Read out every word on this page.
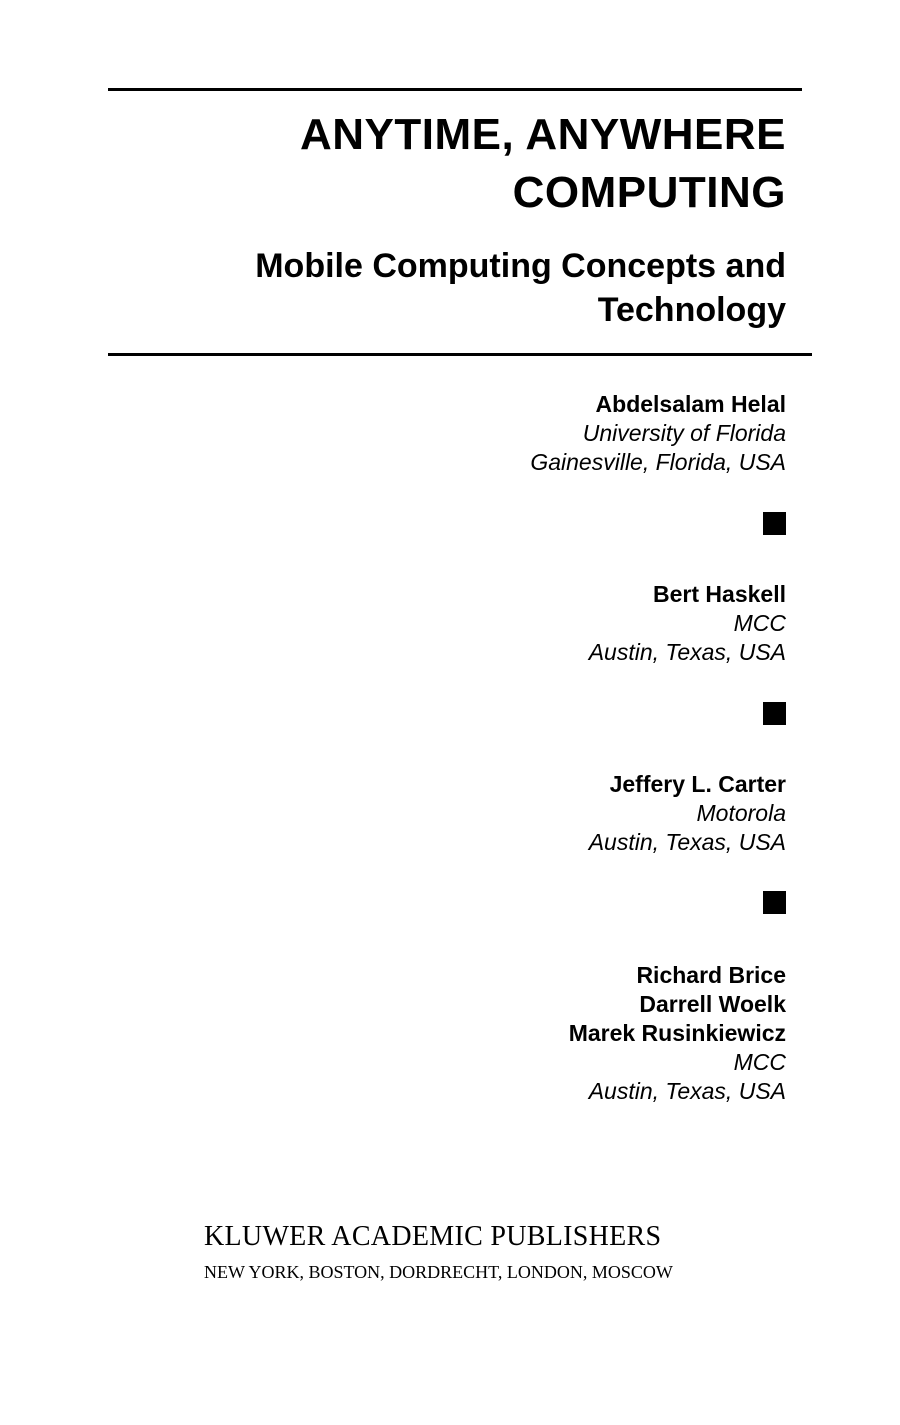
ANYTIME, ANYWHERE
COMPUTING
Mobile Computing Concepts and
Technology
Abdelsalam Helal
University of Florida
Gainesville, Florida, USA
Bert Haskell
MCC
Austin, Texas, USA
Jeffery L. Carter
Motorola
Austin, Texas, USA
Richard Brice
Darrell Woelk
Marek Rusinkiewicz
MCC
Austin, Texas, USA
KLUWER ACADEMIC PUBLISHERS
NEW YORK, BOSTON, DORDRECHT, LONDON, MOSCOW
